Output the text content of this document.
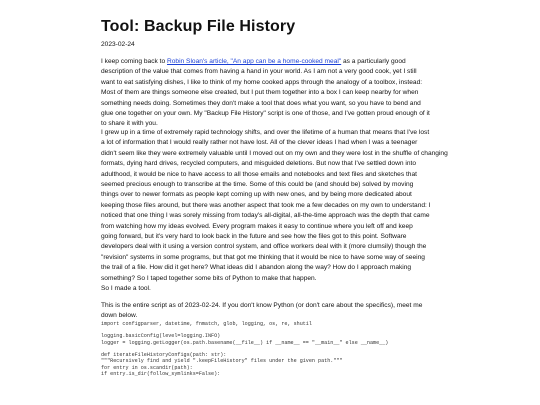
Tool: Backup File History

2023-02-24

I keep coming back to Robin Sloan's article, "An app can be a home-cooked meal" as a particularly good
description of the value that comes from having a hand in your world. As I am not a very good cook, yet I still
want to eat satisfying dishes, I like to think of my home cooked apps through the analogy of a toolbox, instead:
Most of them are things someone else created, but I put them together into a box I can keep nearby for when
something needs doing. Sometimes they don't make a tool that does what you want, so you have to bend and
glue one together on your own. My "Backup File History" script is one of those, and I've gotten proud enough of it
to share it with you.

I grew up in a time of extremely rapid technology shifts, and over the lifetime of a human that means that I've lost
a lot of information that I would really rather not have lost. All of the clever ideas I had when I was a teenager
didn't seem like they were extremely valuable until I moved out on my own and they were lost in the shuffle of changing
formats, dying hard drives, recycled computers, and misguided deletions. But now that I've settled down into
adulthood, it would be nice to have access to all those emails and notebooks and text files and sketches that
seemed precious enough to transcribe at the time. Some of this could be (and should be) solved by moving
things over to newer formats as people kept coming up with new ones, and by being more dedicated about
keeping those files around, but there was another aspect that took me a few decades on my own to understand: I
noticed that one thing I was sorely missing from today's all-digital, all-the-time approach was the depth that came
from watching how my ideas evolved. Every program makes it easy to continue where you left off and keep
going forward, but it's very hard to look back in the future and see how the files got to this point. Software
developers deal with it using a version control system, and office workers deal with it (more clumsily) though the
"revision" systems in some programs, but that got me thinking that it would be nice to have some way of seeing
the trail of a file. How did it get here? What ideas did I abandon along the way? How do I approach making
something? So I taped together some bits of Python to make that happen.

So I made a tool.

This is the entire script as of 2023-02-24. If you don't know Python (or don't care about the specifics), meet me
down below.

import configparser, datetime, fnmatch, glob, logging, os, re, shutil
logging.basicConfig(level=logging.INFO)
logger = logging.getLogger(os.path.basename(__file__) if __name__ == "__main__" else __name__)
def iterateFileHistoryConfigs(path: str):
"""Recursively find and yield ".keepFileHistory" files under the given path."""
for entry in os.scandir(path):
if entry.is_dir(follow_symlinks=False):
